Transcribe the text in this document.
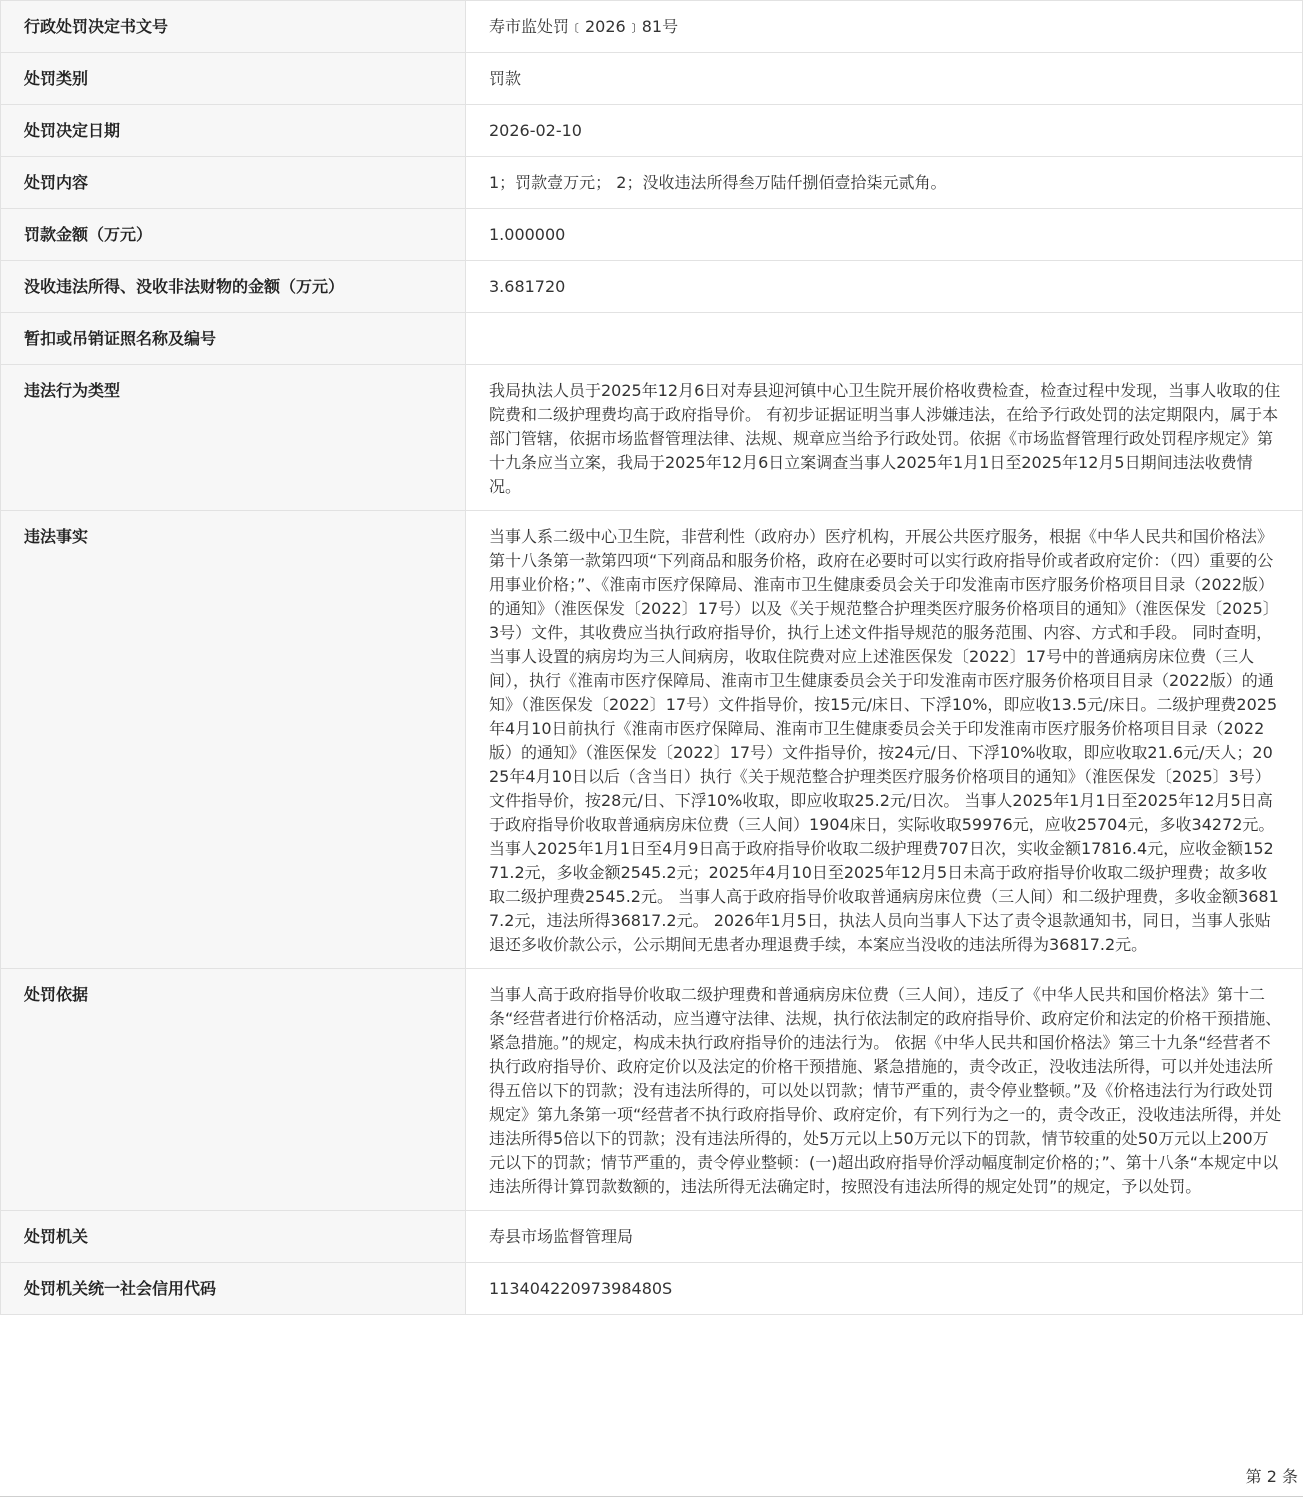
行政处罚决定书文号	寿市监处罚﹝2026﹞81号
处罚类别	罚款
处罚决定日期	2026-02-10
处罚内容	1；罚款壹万元； 2；没收违法所得叁万陆仟捌佰壹拾柒元贰角。
罚款金额（万元）	1.000000
没收违法所得、没收非法财物的金额（万元）	3.681720
暂扣或吊销证照名称及编号	
违法行为类型	我局执法人员于2025年12月6日对寿县迎河镇中心卫生院开展价格收费检查，检查过程中发现，当事人收取的住院费和二级护理费均高于政府指导价。 有初步证据证明当事人涉嫌违法，在给予行政处罚的法定期限内，属于本部门管辖，依据市场监督管理法律、法规、规章应当给予行政处罚。依据《市场监督管理行政处罚程序规定》第十九条应当立案，我局于2025年12月6日立案调查当事人2025年1月1日至2025年12月5日期间违法收费情况。
违法事实	当事人系二级中心卫生院，非营利性（政府办）医疗机构，开展公共医疗服务，根据《中华人民共和国价格法》第十八条第一款第四项“下列商品和服务价格，政府在必要时可以实行政府指导价或者政府定价：（四）重要的公用事业价格；”、《淮南市医疗保障局、淮南市卫生健康委员会关于印发淮南市医疗服务价格项目目录（2022版）的通知》（淮医保发〔2022〕17号）以及《关于规范整合护理类医疗服务价格项目的通知》（淮医保发〔2025〕3号）文件，其收费应当执行政府指导价，执行上述文件指导规范的服务范围、内容、方式和手段。 同时查明，当事人设置的病房均为三人间病房，收取住院费对应上述淮医保发〔2022〕17号中的普通病房床位费（三人间），执行《淮南市医疗保障局、淮南市卫生健康委员会关于印发淮南市医疗服务价格项目目录（2022版）的通知》（淮医保发〔2022〕17号）文件指导价，按15元/床日、下浮10%，即应收13.5元/床日。二级护理费2025年4月10日前执行《淮南市医疗保障局、淮南市卫生健康委员会关于印发淮南市医疗服务价格项目目录（2022版）的通知》（淮医保发〔2022〕17号）文件指导价，按24元/日、下浮10%收取，即应收取21.6元/天人；2025年4月10日以后（含当日）执行《关于规范整合护理类医疗服务价格项目的通知》（淮医保发〔2025〕3号）文件指导价，按28元/日、下浮10%收取，即应收取25.2元/日次。 当事人2025年1月1日至2025年12月5日高于政府指导价收取普通病房床位费（三人间）1904床日，实际收取59976元，应收25704元，多收34272元。 当事人2025年1月1日至4月9日高于政府指导价收取二级护理费707日次，实收金额17816.4元，应收金额15271.2元，多收金额2545.2元；2025年4月10日至2025年12月5日未高于政府指导价收取二级护理费；故多收取二级护理费2545.2元。 当事人高于政府指导价收取普通病房床位费（三人间）和二级护理费，多收金额36817.2元，违法所得36817.2元。 2026年1月5日，执法人员向当事人下达了责令退款通知书，同日，当事人张贴退还多收价款公示，公示期间无患者办理退费手续，本案应当没收的违法所得为36817.2元。
处罚依据	当事人高于政府指导价收取二级护理费和普通病房床位费（三人间），违反了《中华人民共和国价格法》第十二条“经营者进行价格活动，应当遵守法律、法规，执行依法制定的政府指导价、政府定价和法定的价格干预措施、紧急措施。”的规定，构成未执行政府指导价的违法行为。 依据《中华人民共和国价格法》第三十九条“经营者不执行政府指导价、政府定价以及法定的价格干预措施、紧急措施的，责令改正，没收违法所得，可以并处违法所得五倍以下的罚款；没有违法所得的，可以处以罚款；情节严重的，责令停业整顿。”及《价格违法行为行政处罚规定》第九条第一项“经营者不执行政府指导价、政府定价，有下列行为之一的，责令改正，没收违法所得，并处违法所得5倍以下的罚款；没有违法所得的，处5万元以上50万元以下的罚款，情节较重的处50万元以上200万元以下的罚款；情节严重的，责令停业整顿：(一)超出政府指导价浮动幅度制定价格的；”、第十八条“本规定中以违法所得计算罚款数额的，违法所得无法确定时，按照没有违法所得的规定处罚”的规定，予以处罚。
处罚机关	寿县市场监督管理局
处罚机关统一社会信用代码	11340422097398480S
第 2 条
